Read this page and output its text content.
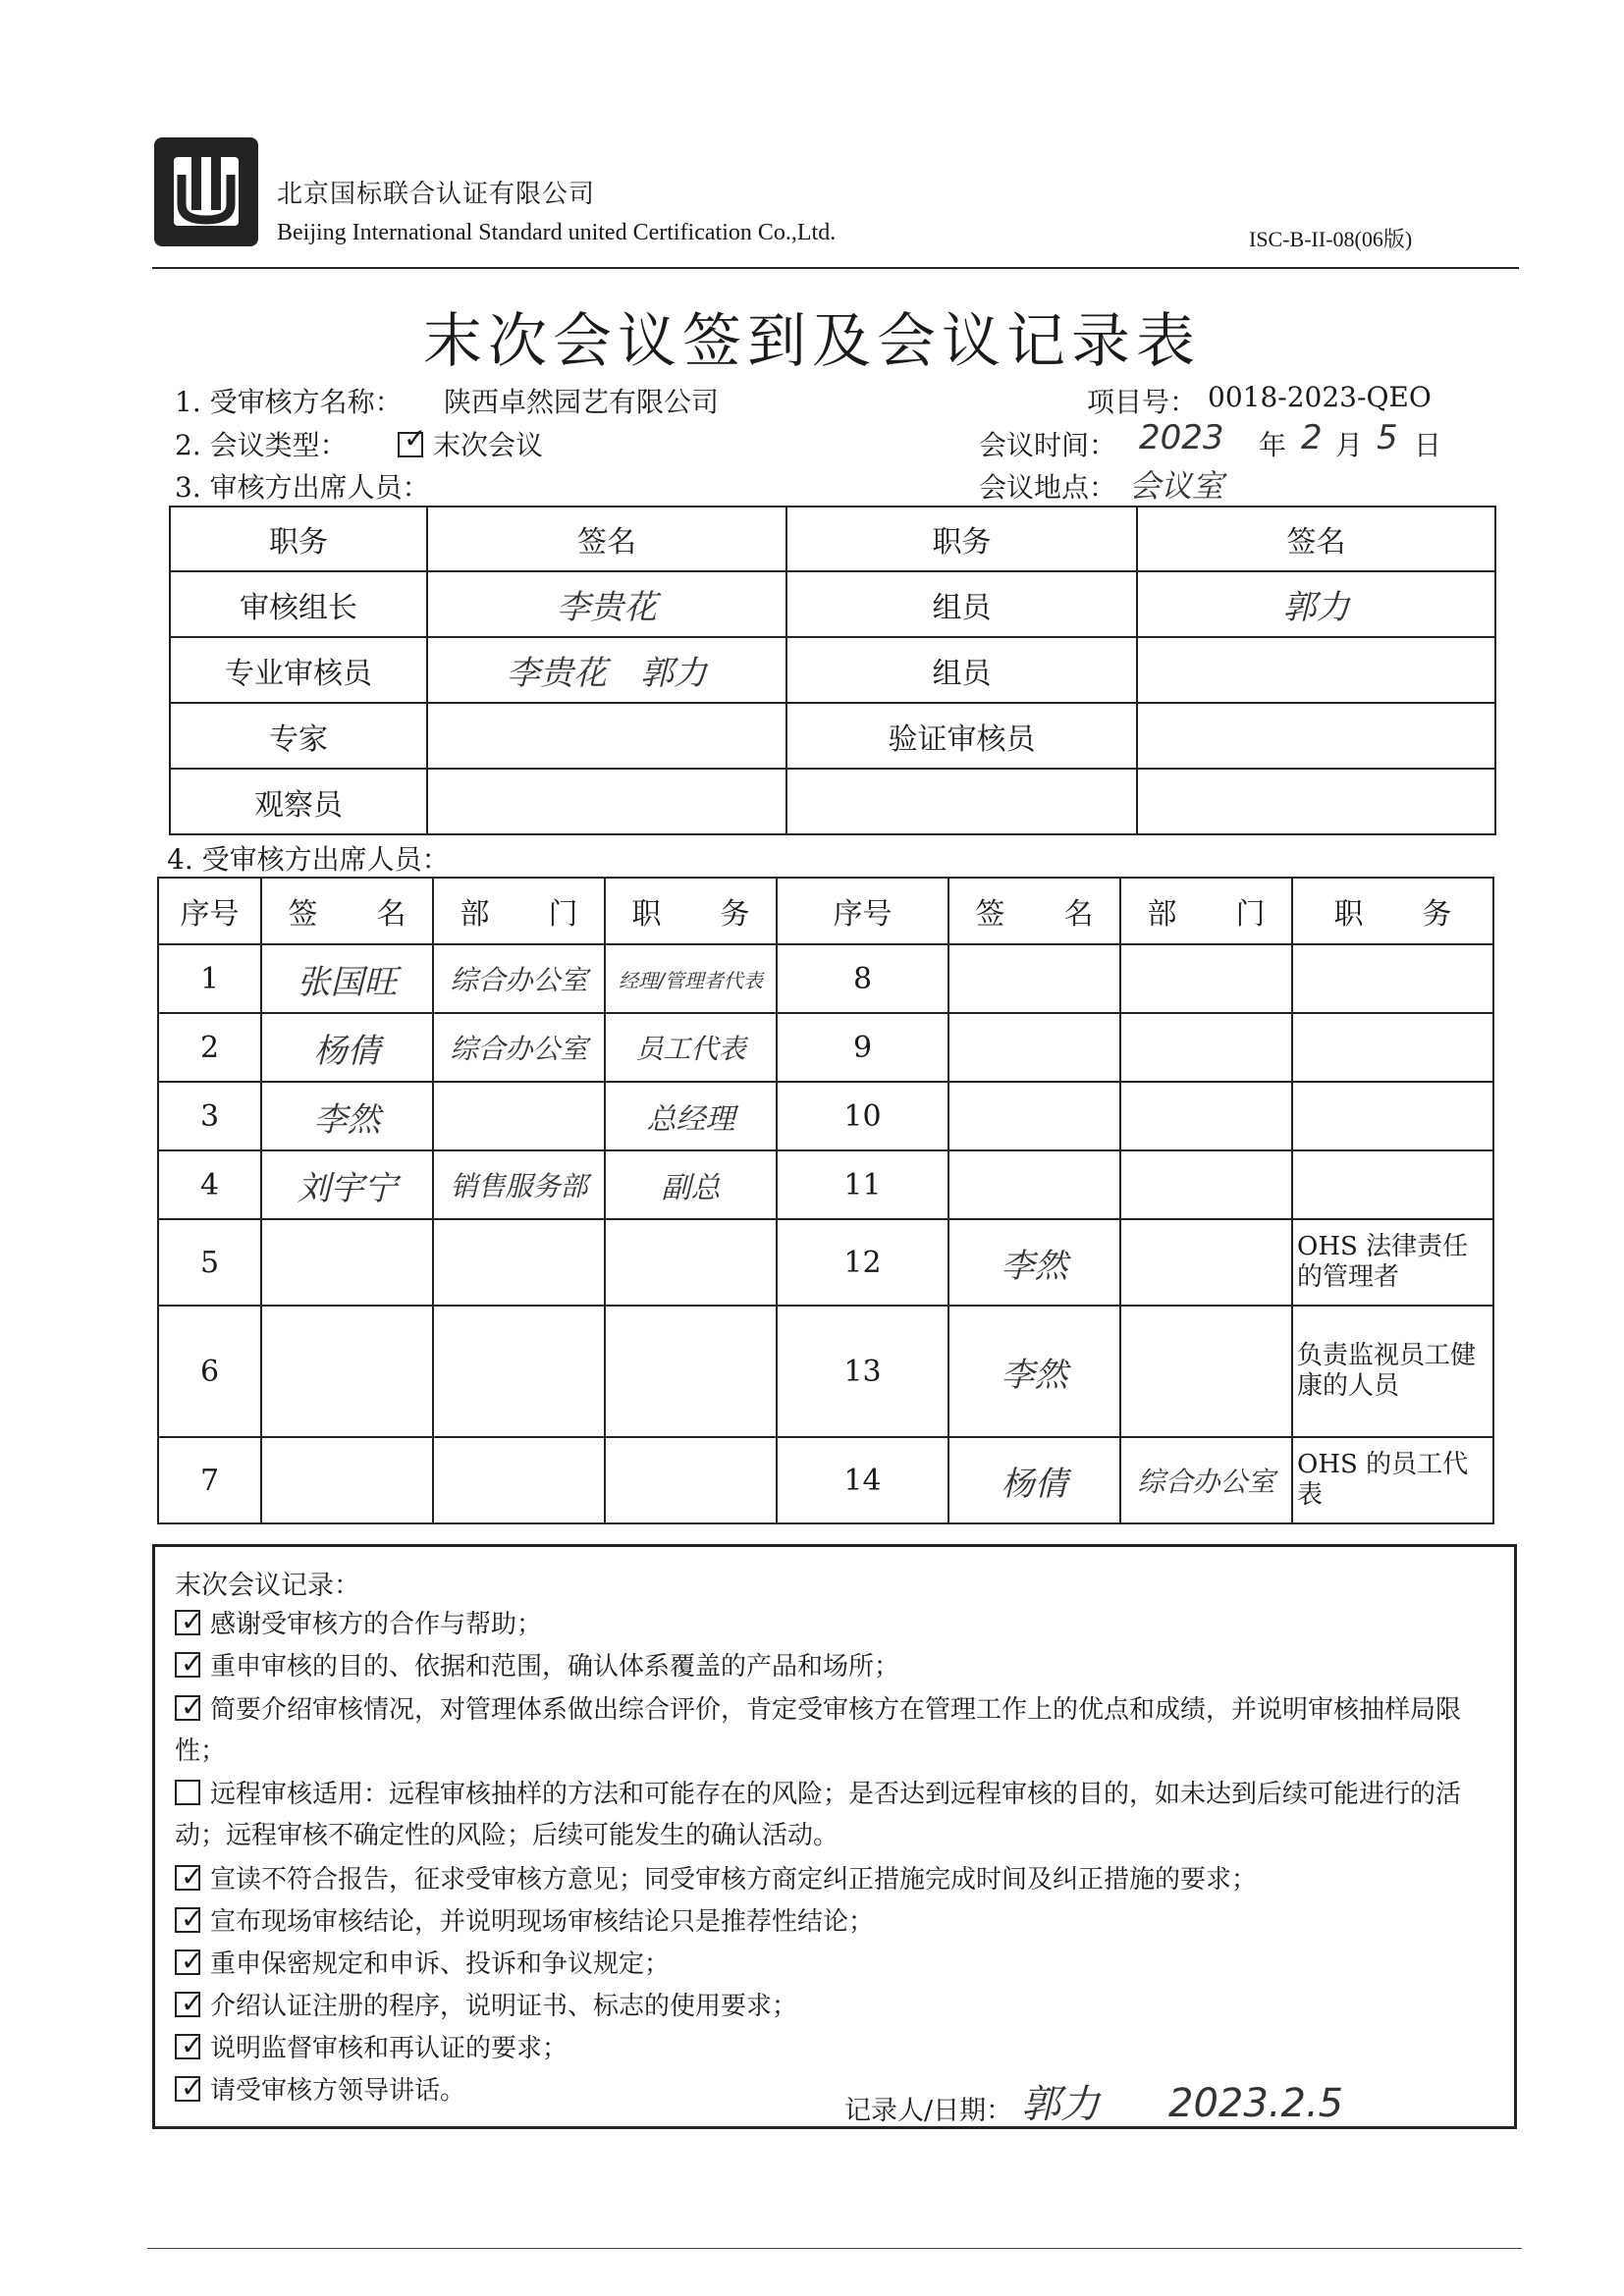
北京国标联合认证有限公司
Beijing International Standard united Certification Co.,Ltd.	ISC-B-II-08(06版)
末次会议签到及会议记录表
1. 受审核方名称： 陕西卓然园艺有限公司	项目号： 0018-2023-QEO
2. 会议类型： ✓	末次会议	会议时间： 2023 年 2 月 5 日
3. 审核方出席人员：	会议地点： 会议室
职务	签名	职务	签名
审核组长	李贵花	组员	郭力
专业审核员	李贵花　郭力	组员	
专家		验证审核员	
观察员			
4. 受审核方出席人员：
序号	签　　名	部　　门	职　　务	序号	签　　名	部　　门	职　　务
1	张国旺	综合办公室	经理/管理者代表	8			
2	杨倩	综合办公室	员工代表	9			
3	李然		总经理	10			
4	刘宇宁	销售服务部	副总	11			
5				12	李然		OHS 法律责任的管理者
6				13	李然		负责监视员工健康的人员
7				14	杨倩	综合办公室	OHS 的员工代表
末次会议记录：
✓感谢受审核方的合作与帮助；
✓重申审核的目的、依据和范围，确认体系覆盖的产品和场所；
✓简要介绍审核情况，对管理体系做出综合评价，肯定受审核方在管理工作上的优点和成绩，并说明审核抽样局限性；
远程审核适用：远程审核抽样的方法和可能存在的风险；是否达到远程审核的目的，如未达到后续可能进行的活动；远程审核不确定性的风险；后续可能发生的确认活动。
✓宣读不符合报告，征求受审核方意见；同受审核方商定纠正措施完成时间及纠正措施的要求；
✓宣布现场审核结论，并说明现场审核结论只是推荐性结论；
✓重申保密规定和申诉、投诉和争议规定；
✓介绍认证注册的程序，说明证书、标志的使用要求；
✓说明监督审核和再认证的要求；
✓请受审核方领导讲话。
记录人/日期： 郭力 2023.2.5
